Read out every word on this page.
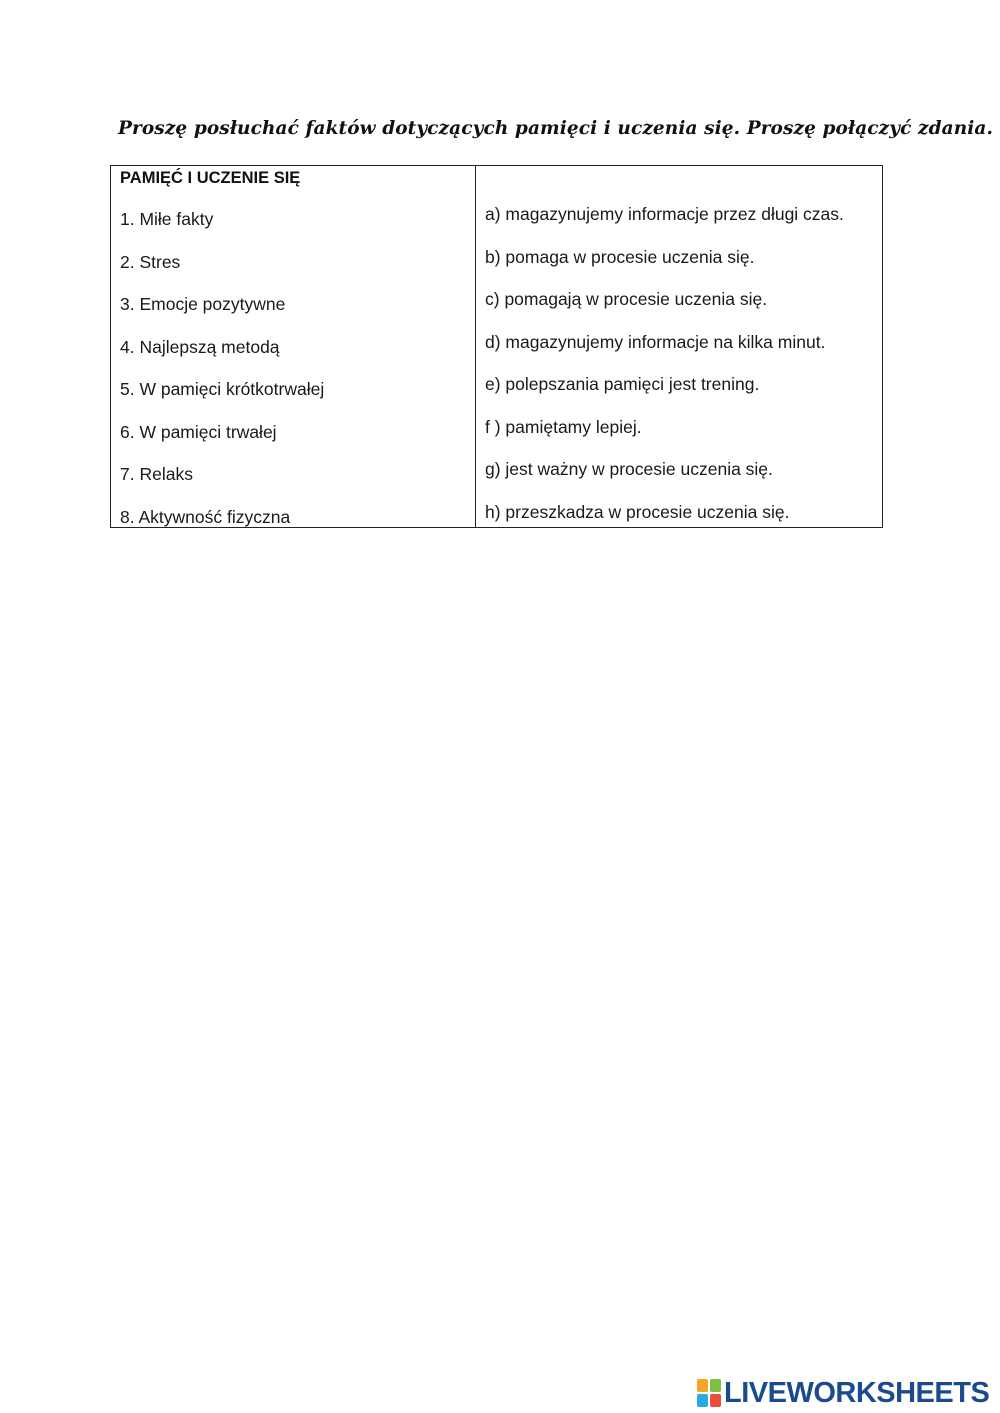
Proszę posłuchać faktów dotyczących pamięci i uczenia się. Proszę połączyć zdania.
PAMIĘĆ I UCZENIE SIĘ
1. Miłe fakty
2. Stres
3. Emocje pozytywne
4. Najlepszą metodą
5. W pamięci krótkotrwałej
6. W pamięci trwałej
7. Relaks
8. Aktywność fizyczna
a) magazynujemy informacje przez długi czas.
b) pomaga w procesie uczenia się.
c) pomagają w procesie uczenia się.
d) magazynujemy informacje na kilka minut.
e) polepszania pamięci jest trening.
f ) pamiętamy lepiej.
g) jest ważny w procesie uczenia się.
h) przeszkadza w procesie uczenia się.
LIVEWORKSHEETS
